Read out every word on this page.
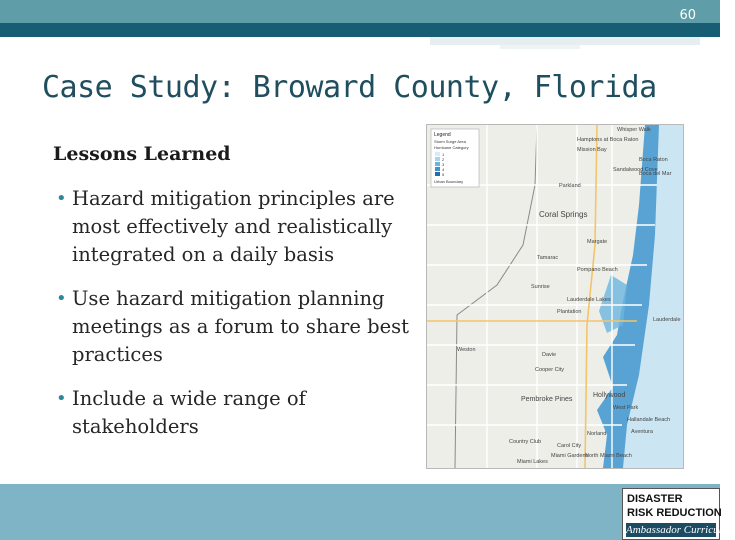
60
Case Study: Broward County, Florida
Lessons Learned
• Hazard mitigation principles are most effectively and realistically integrated on a daily basis
• Use hazard mitigation planning meetings as a forum to share best practices
• Include a wide range of stakeholders
Legend
Storm Surge Area
Hurricane Category
1
2
3
4
5
Urban Boundary
Whisper Walk
Hamptons at Boca Raton
Mission Bay
Boca Raton
Sandalwood Cove
Boca del Mar
Parkland
Coral Springs
Margate
Tamarac
Pompano Beach
Sunrise
Lauderdale Lakes
Plantation
Weston
Davie
Cooper City
Pembroke Pines
Hollywood
West Park
Country Club
Carol City
Norland
Miami Gardens
North Miami Beach
Miami Lakes
Lauderdale
Hallandale Beach
Aventura
DISASTER
RISK REDUCTION
Ambassador Curriculum
